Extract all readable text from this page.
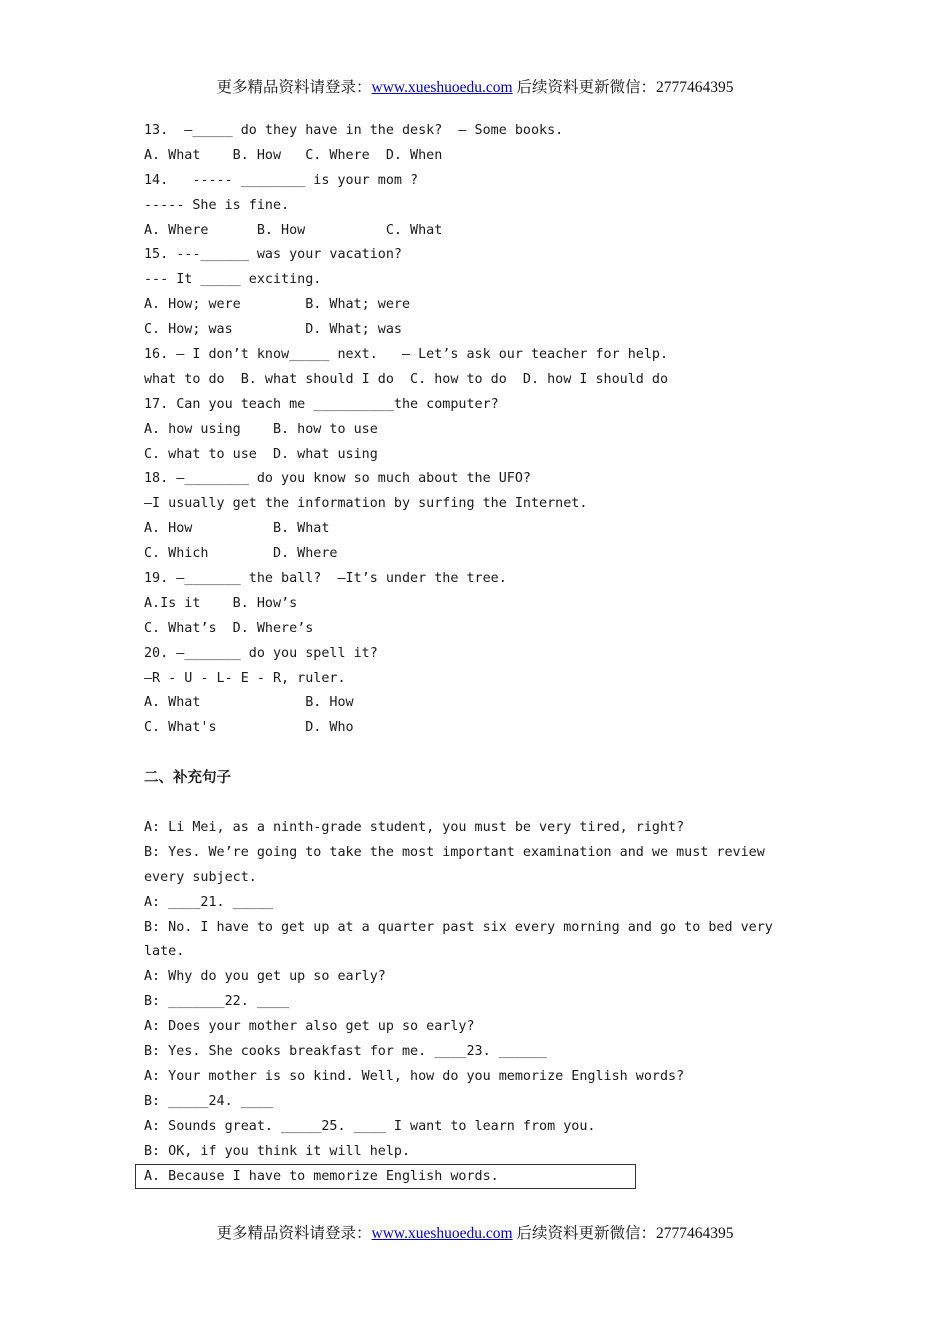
更多精品资料请登录：www.xueshuoedu.com 后续资料更新微信：2777464395
13.  —_____ do they have in the desk?  — Some books.
A. What    B. How   C. Where  D. When
14.   ----- ________ is your mom ?
----- She is fine.
A. Where      B. How          C. What
15. ---______ was your vacation?
--- It _____ exciting.
A. How; were        B. What; were
C. How; was         D. What; was
16. — I don’t know_____ next.   — Let’s ask our teacher for help.
what to do  B. what should I do  C. how to do  D. how I should do
17. Can you teach me __________the computer?
A. how using    B. how to use
C. what to use  D. what using
18. —________ do you know so much about the UFO?
—I usually get the information by surfing the Internet.
A. How          B. What
C. Which        D. Where
19. —_______ the ball?  —It’s under the tree.
A.Is it    B. How’s
C. What’s  D. Where’s
20. —_______ do you spell it?
—R - U - L- E - R, ruler.
A. What             B. How
C. What's           D. Who
二、补充句子
A: Li Mei, as a ninth-grade student, you must be very tired, right?
B: Yes. We’re going to take the most important examination and we must review
every subject.
A: ____21. _____
B: No. I have to get up at a quarter past six every morning and go to bed very
late.
A: Why do you get up so early?
B: _______22. ____
A: Does your mother also get up so early?
B: Yes. She cooks breakfast for me. ____23. ______
A: Your mother is so kind. Well, how do you memorize English words?
B: _____24. ____
A: Sounds great. _____25. ____ I want to learn from you.
B: OK, if you think it will help.
A. Because I have to memorize English words.
更多精品资料请登录：www.xueshuoedu.com 后续资料更新微信：2777464395
